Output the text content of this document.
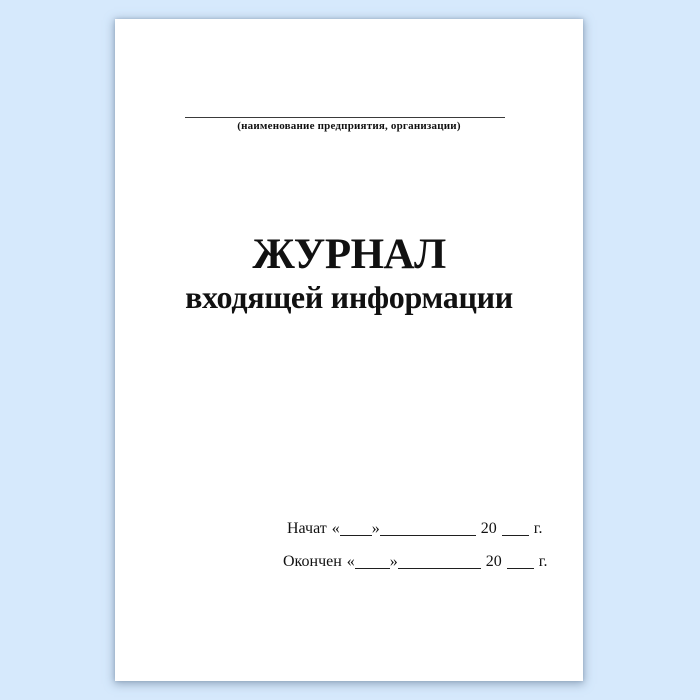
(наименование предприятия, организации)
ЖУРНАЛ
входящей информации
Начат « »	20 г.
Окончен « »	20 г.
